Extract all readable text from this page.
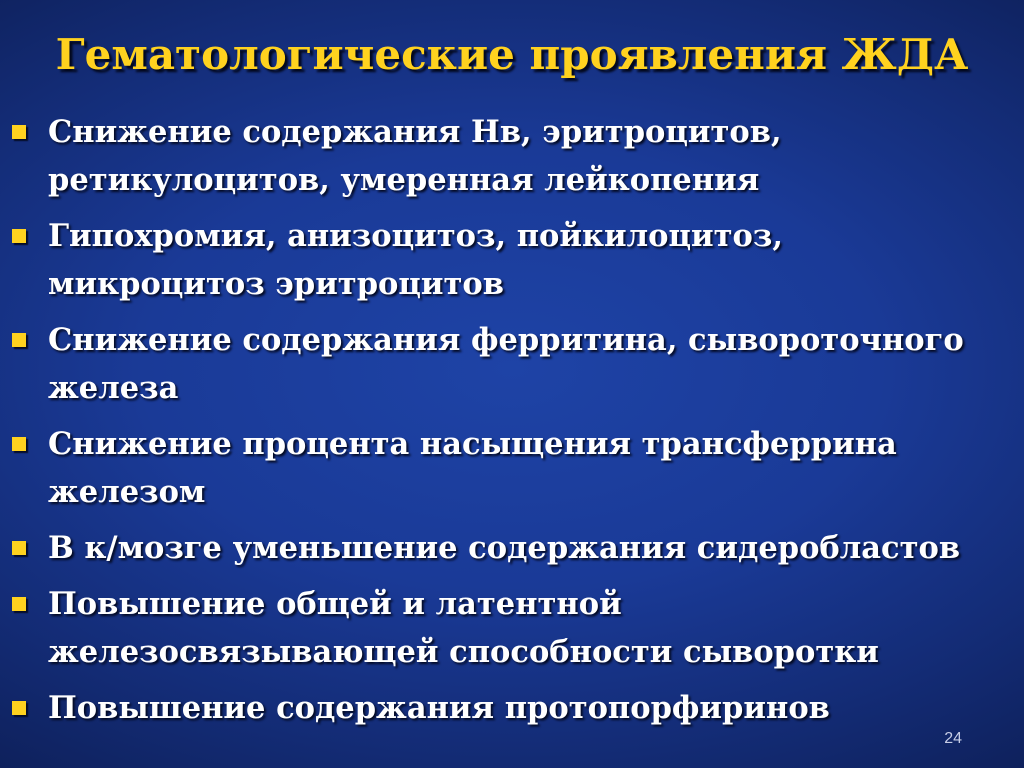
Гематологические проявления ЖДА
Снижение содержания Нв, эритроцитов, ретикулоцитов, умеренная лейкопения
Гипохромия, анизоцитоз, пойкилоцитоз, микроцитоз эритроцитов
Снижение содержания ферритина, сывороточного железа
Снижение процента насыщения трансферрина железом
В к/мозге уменьшение содержания сидеробластов
Повышение общей и латентной железосвязывающей способности сыворотки
Повышение содержания протопорфиринов
24
